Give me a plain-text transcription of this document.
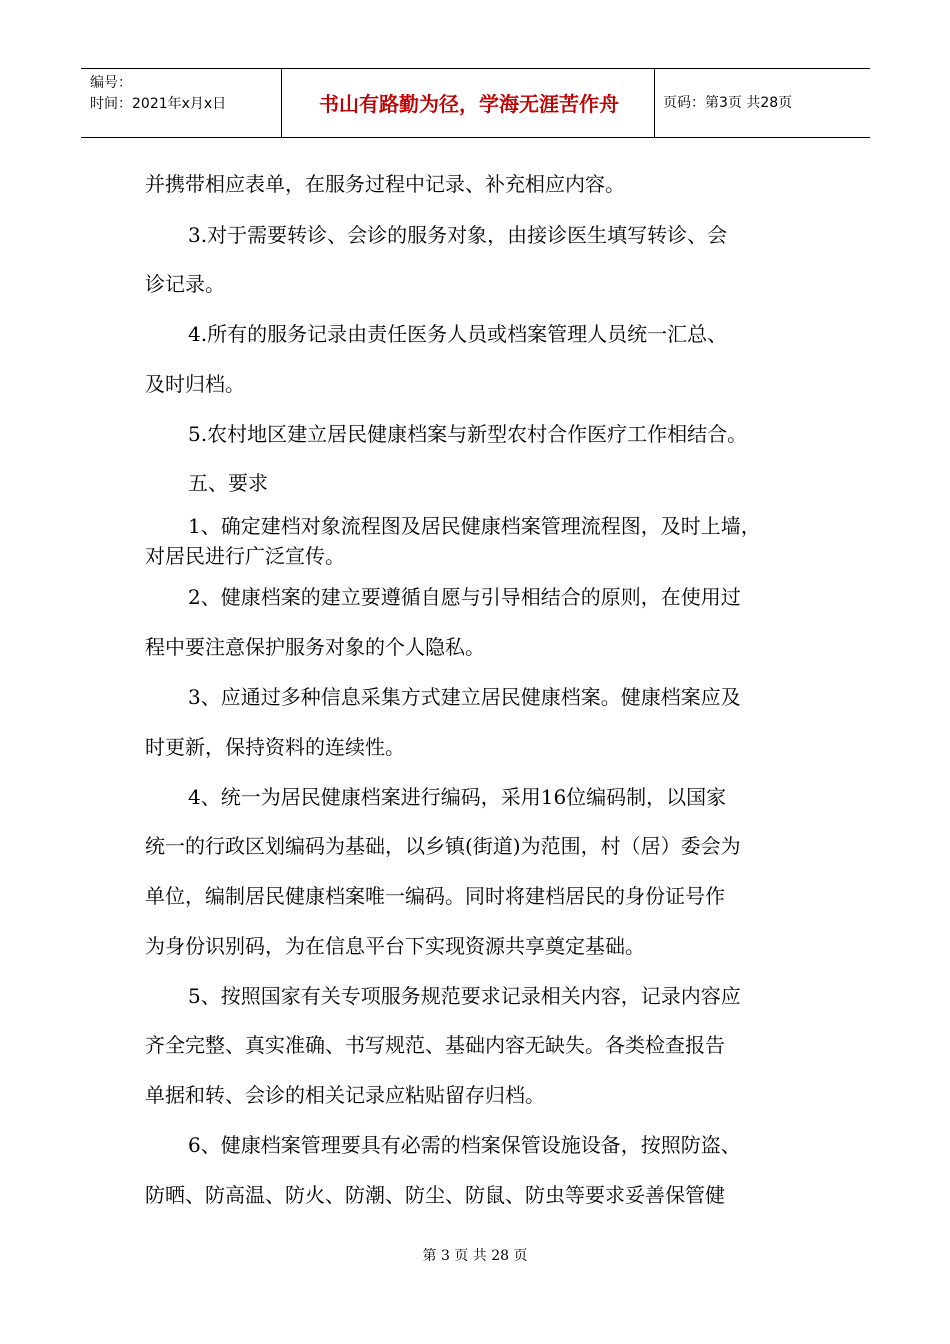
编号：
时间：2021年x月x日	书山有路勤为径，学海无涯苦作舟	页码：第3页 共28页

并携带相应表单，在服务过程中记录、补充相应内容。

3.对于需要转诊、会诊的服务对象，由接诊医生填写转诊、会

诊记录。

4.所有的服务记录由责任医务人员或档案管理人员统一汇总、

及时归档。

5.农村地区建立居民健康档案与新型农村合作医疗工作相结合。

五、要求

1、确定建档对象流程图及居民健康档案管理流程图，及时上墙，

对居民进行广泛宣传。

2、健康档案的建立要遵循自愿与引导相结合的原则，在使用过

程中要注意保护服务对象的个人隐私。

3、应通过多种信息采集方式建立居民健康档案。健康档案应及

时更新，保持资料的连续性。

4、统一为居民健康档案进行编码，采用16位编码制，以国家

统一的行政区划编码为基础，以乡镇(街道)为范围，村（居）委会为

单位，编制居民健康档案唯一编码。同时将建档居民的身份证号作

为身份识别码，为在信息平台下实现资源共享奠定基础。

5、按照国家有关专项服务规范要求记录相关内容，记录内容应

齐全完整、真实准确、书写规范、基础内容无缺失。各类检查报告

单据和转、会诊的相关记录应粘贴留存归档。

6、健康档案管理要具有必需的档案保管设施设备，按照防盗、

防晒、防高温、防火、防潮、防尘、防鼠、防虫等要求妥善保管健

第 3 页 共 28 页
